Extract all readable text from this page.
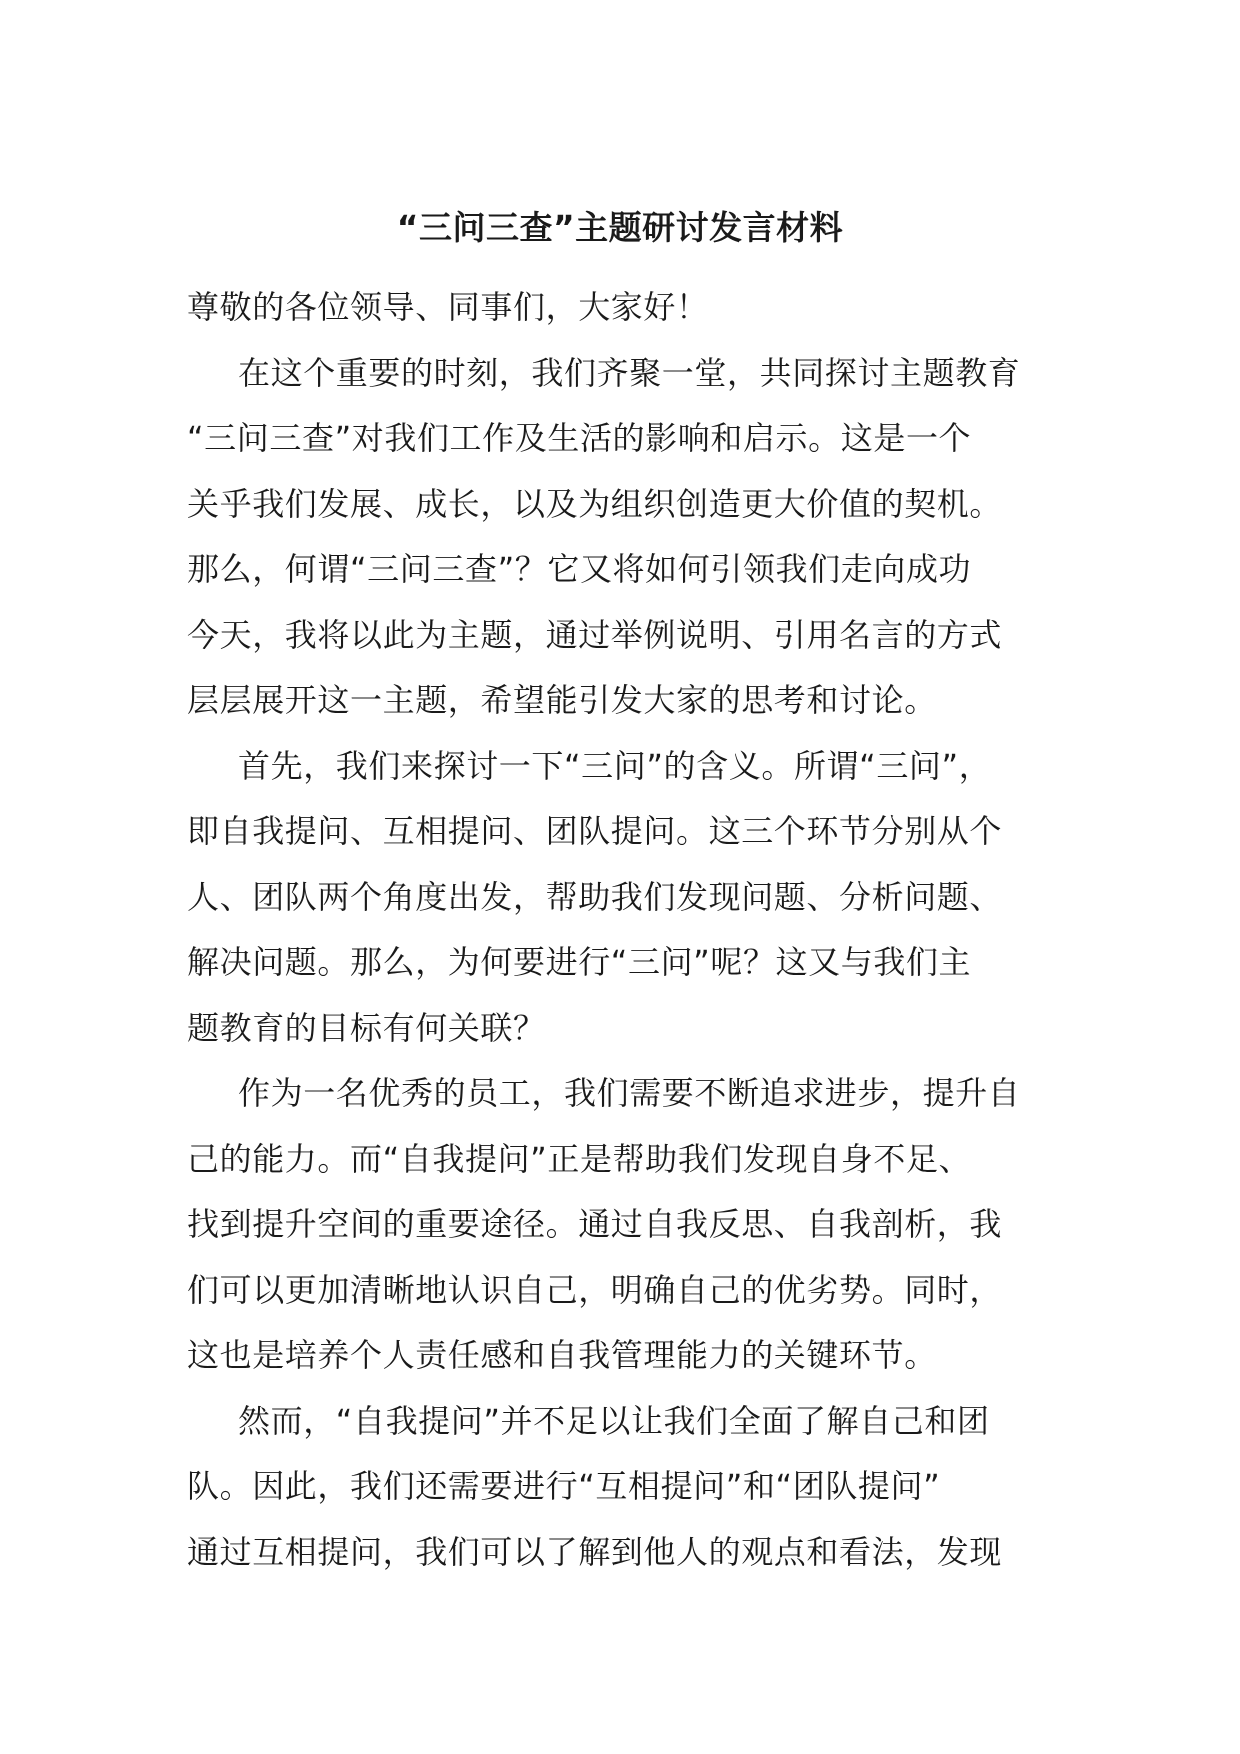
“三问三查”主题研讨发言材料
尊敬的各位领导、同事们，大家好！
在这个重要的时刻，我们齐聚一堂，共同探讨主题教育
“三问三查”对我们工作及生活的影响和启示。这是一个
关乎我们发展、成长，以及为组织创造更大价值的契机。
那么，何谓“三问三查”？它又将如何引领我们走向成功
今天，我将以此为主题，通过举例说明、引用名言的方式
层层展开这一主题，希望能引发大家的思考和讨论。
首先，我们来探讨一下“三问”的含义。所谓“三问”，
即自我提问、互相提问、团队提问。这三个环节分别从个
人、团队两个角度出发，帮助我们发现问题、分析问题、
解决问题。那么，为何要进行“三问”呢？这又与我们主
题教育的目标有何关联？
作为一名优秀的员工，我们需要不断追求进步，提升自
己的能力。而“自我提问”正是帮助我们发现自身不足、
找到提升空间的重要途径。通过自我反思、自我剖析，我
们可以更加清晰地认识自己，明确自己的优劣势。同时，
这也是培养个人责任感和自我管理能力的关键环节。
然而，“自我提问”并不足以让我们全面了解自己和团
队。因此，我们还需要进行“互相提问”和“团队提问”
通过互相提问，我们可以了解到他人的观点和看法，发现
